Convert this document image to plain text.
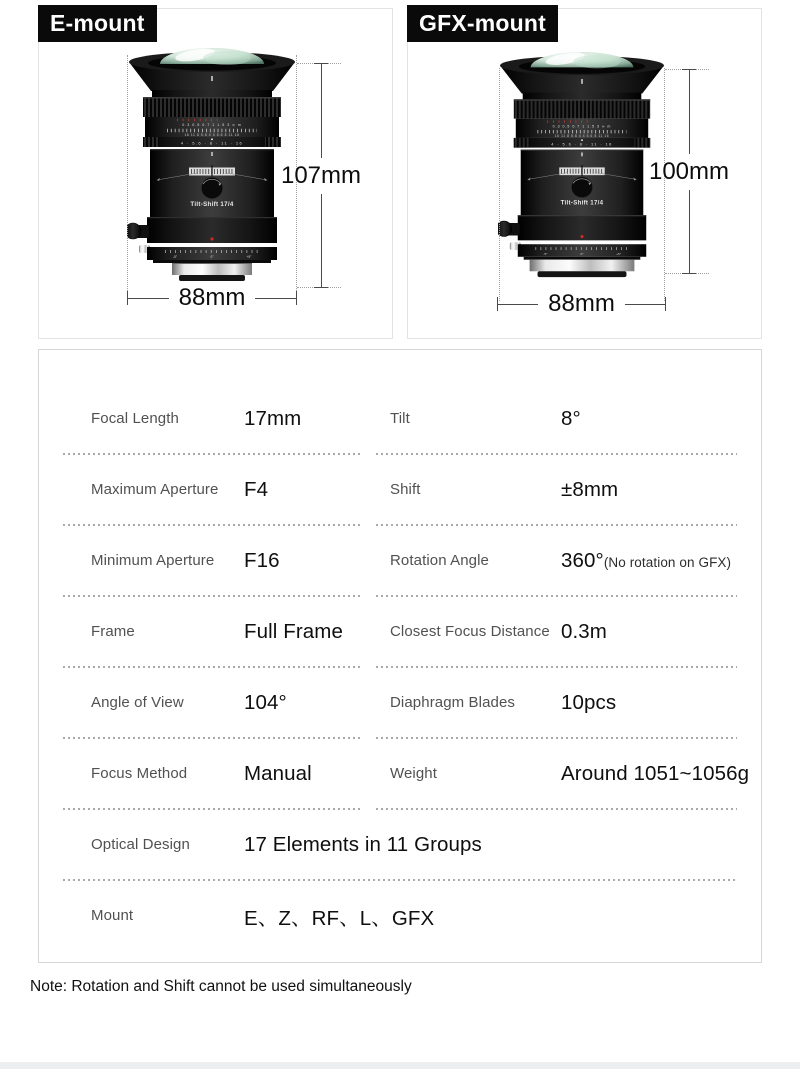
E-mount
0.3 0.5 0.7 1 1.5 3 ∞ m
16 11 8 5.6 4 4 5.6 8 11 16
4 · 5.6 · 8 · 11 · 16
Tilt-Shift 17/4
-5°	0°	+5°
107mm
88mm
GFX-mount
0.3 0.5 0.7 1 1.5 3 ∞ m
16 11 8 5.6 4 4 5.6 8 11 16
4 · 5.6 · 8 · 11 · 16
Tilt-Shift 17/4
-5°	0°	+5°
100mm
88mm
Focal Length	17mm	Tilt	8°
Maximum Aperture	F4	Shift	±8mm
Minimum Aperture	F16	Rotation Angle	360°(No rotation on GFX)
Frame	Full Frame	Closest Focus Distance 0.3m
Angle of View	104°	Diaphragm Blades	10pcs
Focus Method	Manual	Weight	Around 1051~1056g
Optical Design	17 Elements in 11 Groups
Mount	E、Z、RF、L、GFX
Note: Rotation and Shift cannot be used simultaneously
